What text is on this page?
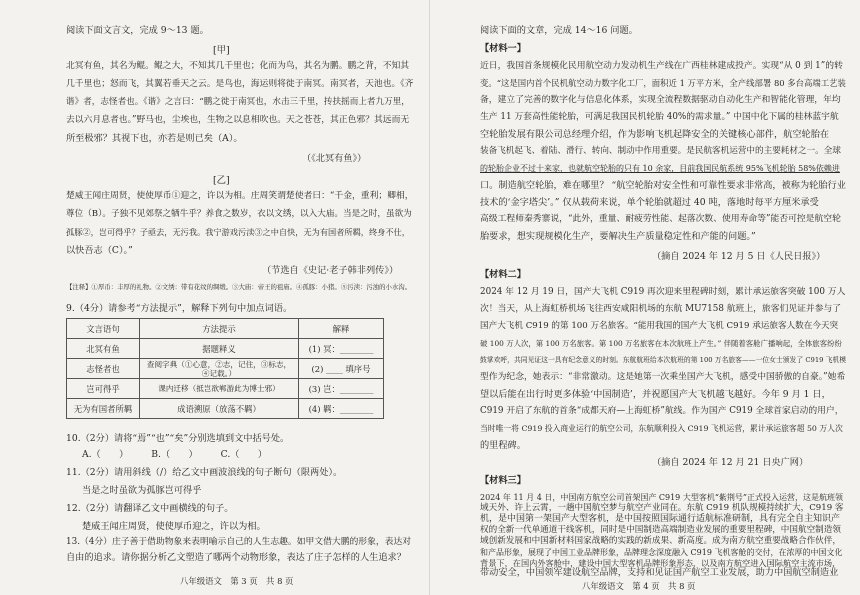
阅读下面文言文，完成 9～13 题。
[甲]
北冥有鱼，其名为鲲。鲲之大，不知其几千里也；化而为鸟，其名为鹏。鹏之背，不知其
几千里也；怒而飞，其翼若垂天之云。是鸟也，海运则将徙于南冥。南冥者，天池也。《齐
谐》者，志怪者也。《谐》之言曰：“鹏之徙于南冥也，水击三千里，抟扶摇而上者九万里，
去以六月息者也。”野马也，尘埃也，生物之以息相吹也。天之苍苍，其正色邪？其远而无
所至极邪？其视下也，亦若是则已矣（A）。
（《北冥有鱼》）
[乙]
楚威王闻庄周贤，使使厚币①迎之，许以为相。庄周笑谓楚使者曰：“千金，重利；卿相，
尊位（B）。子独不见郊祭之牺牛乎？养食之数岁，衣以文绣，以入大庙。当是之时，虽欲为
孤豚②，岂可得乎？子亟去，无污我。我宁游戏污渎③之中自快，无为有国者所羁，终身不仕，
以快吾志（C）。”
（节选自《史记·老子韩非列传》）
【注释】①厚币：丰厚的礼物。②文绣：带有花纹的绸缎。③大庙：帝王的祖庙。④孤豚：小猪。⑤污渎：污浊的小水沟。
9.（4分）请参考“方法提示”，解释下列句中加点词语。
文言语句	方法提示	解释
北冥有鱼	据题释义	(1) 冥：________
志怪者也	查阅字典（①心意，②志，记住，③标志，④记载。）	(2) ____ 填序号
岂可得乎	课内迁移（抵岂欲郸游此为博士邪）	(3) 岂：________
无为有国者所羁	成语溯原（放荡不羁）	(4) 羁：________
10.（2分）请将“焉”“也”“矣”分别选填到文中括号处。
A.（　　）　　　B.（　　）　　　C.（　　）
11.（2分）请用斜线（/）给乙文中画波浪线的句子断句（限两处）。
当是之时虽欲为孤豚岂可得乎
12.（2分）请翻译乙文中画横线的句子。
楚威王闻庄周贤，使使厚币迎之，许以为相。
13.（4分）庄子善于借助物象来表明喻示自己的人生志趣。如甲文借大鹏的形象，表达对
自由的追求。请你据分析乙文塑造了哪两个动物形象，表达了庄子怎样的人生追求？
八年级语文　第 3 页　共 8 页
阅读下面的文章，完成 14～16 问题。
【材料一】
近日，我国首条规模化民用航空动力发动机生产线在广西桂林建成投产。实现“从 0 到 1”的转
变。“这是国内首个民机航空动力数字化工厂，面积近 1 万平方米，全产线部署 80 多台高端工艺装
备，建立了完善的数字化与信息化体系，实现全流程数据驱动自动化生产和智能化管理，年均
生产 11 万套高性能轮胎，可满足我国民机轮胎 40%的需求量。” 中国中化下属的桂林蓝宇航
空轮胎发展有限公司总经理介绍，作为影响飞机起降安全的关键核心部件，航空轮胎在
装备飞机起飞、着陆、滑行、转向、制动中作用重要。是民航客机运营中的主要耗材之一。全球
的轮胎企业不过十来家，也就航空轮胎的只有 10 余家，目前我国民航系统 95%飞机轮胎 58%依赖进
口。制造航空轮胎，难在哪里？ “航空轮胎对安全性和可靠性要求非常高，被称为轮胎行业
技术的‘金字塔尖’。” 仅从载荷来说，单个轮胎就超过 40 吨，落地时每平方厘米承受
高级工程师秦秀寨说，“此外，重量、耐疲劳性能、起落次数、使用寿命等”能否可控是航空轮
胎要求，想实现规模化生产，要解决生产质量稳定性和产能的问题。”
（摘自 2024 年 12 月 5 日《人民日报》）
【材料二】
2024 年 12 月 19 日，国产大飞机 C919 再次迎来里程碑时刻，累计承运旅客突破 100 万人
次！当天，从上海虹桥机场飞往西安咸阳机场的东航 MU7158 航班上，旅客们见证并参与了
国产大飞机 C919 的第 100 万名旅客。“能用我国的国产大飞机 C919 承运旅客人数在今天突
破 100 万人次，第 100 万名旅客。第 100 万名旅客在本次航班上产生。” 伴随着客舱广播响起，全体旅客纷纷
鼓掌欢呼，共同见证这一具有纪念意义的时刻。东航航班给本次航班的第 100 万名旅客——一位女士颁发了 C919 飞机模
型作为纪念，她表示：“非常激动。这是她第一次乘坐国产大飞机，感受中国骄傲的自豪。”她希
望以后能在出行时更多体验‘中国制造’，并祝愿国产大飞机越飞越好。今年 9 月 1 日，
C919 开启了东航的首条“成都天府—上海虹桥”航线。作为国产 C919 全球首家启动的用户，
当时唯一将 C919 投入商业运行的航空公司，东航顺利投入 C919 飞机运营，累计承运旅客超 50 万人次
的里程碑。
（摘自 2024 年 12 月 21 日央广网）
【材料三】
2024 年 11 月 4 日，中国南方航空公司首架国产 C919 大型客机“紫荆号”正式投入运营，这是航班领
域天外、许上云霄，一趟中国航空梦与航空产业同在。东航 C919 机队规模持续扩大，C919 客
机，是中国第一架国产大型客机，是中国按照国际通行适航标准研制，具有完全自主知识产
权的全新一代单通道干线客机，同时是中国制造高端制造业发展的重要里程碑，中国航空制造领
域创新发展和中国新材料国家战略的实践的新成果、新高度。成为南方航空重要战略合作伙伴，
和产品形象，展现了中国工业品牌形象，品牌理念深度融入 C919 飞机客舱的交付，在浓厚的中国文化
背景下，在国内外客舱中，建设中国大型客机品牌形象形态，以及南方航空进入国际航空主流市场，
带动安全，中国领军建设航空品牌，支持和见证国产航空工业发展，助力中国航空制造业
八年级语文　第 4 页　共 8 页
